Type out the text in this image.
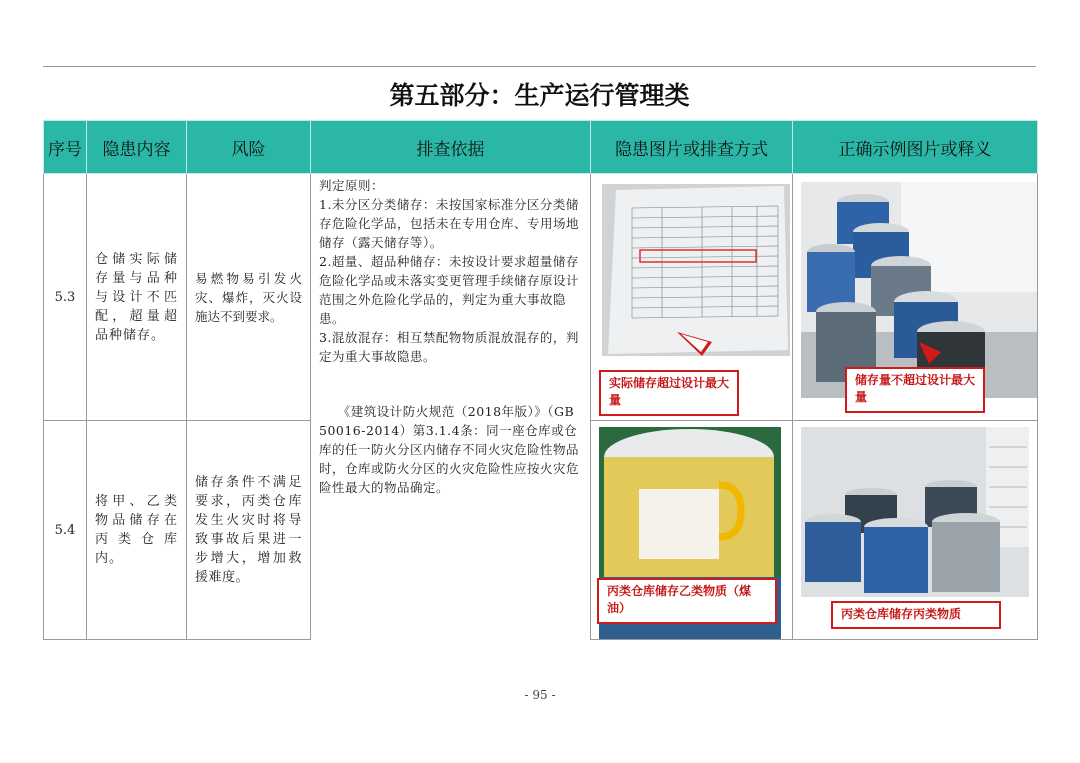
第五部分：生产运行管理类
序号	隐患内容	风险	排查依据	隐患图片或排查方式	正确示例图片或释义
5.3	仓储实际储存量与品种与设计不匹配，超量超品种储存。	易燃物易引发火灾、爆炸，灭火设施达不到要求。	判定原则：
1.未分区分类储存：未按国家标准分区分类储存危险化学品，包括未在专用仓库、专用场地储存（露天储存等）。
2.超量、超品种储存：未按设计要求超量储存危险化学品或未落实变更管理手续储存原设计范围之外危险化学品的，判定为重大事故隐患。
3.混放混存：相互禁配物物质混放混存的，判定为重大事故隐患。
《建筑设计防火规范（2018年版）》（GB 50016-2014）第3.1.4条：同一座仓库或仓库的任一防火分区内储存不同火灾危险性物品时，仓库或防火分区的火灾危险性应按火灾危险性最大的物品确定。	实际储存超过设计最大量	储存量不超过设计最大量

5.4	将甲、乙类物品储存在丙类仓库内。	储存条件不满足要求，丙类仓库发生火灾时将导致事故后果进一步增大，增加救援难度。		丙类仓库储存乙类物质（煤油）	丙类仓库储存丙类物质
- 95 -
